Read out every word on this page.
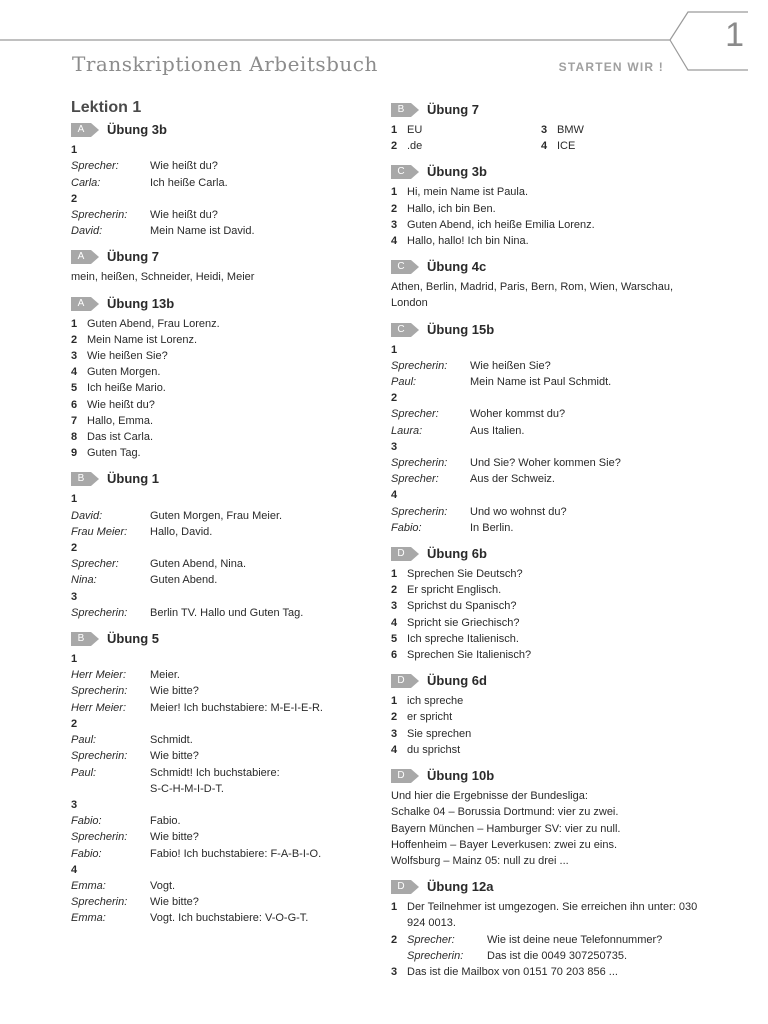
1
Transkriptionen Arbeitsbuch	STARTEN WIR !
Lektion 1
A	Übung 3b
1
Sprecher:	Wie heißt du?
Carla:	Ich heiße Carla.
2
Sprecherin:	Wie heißt du?
David:	Mein Name ist David.
A	Übung 7
mein, heißen, Schneider, Heidi, Meier
A	Übung 13b
1 Guten Abend, Frau Lorenz.
2 Mein Name ist Lorenz.
3 Wie heißen Sie?
4 Guten Morgen.
5 Ich heiße Mario.
6 Wie heißt du?
7 Hallo, Emma.
8 Das ist Carla.
9 Guten Tag.
B	Übung 1
1
David:	Guten Morgen, Frau Meier.
Frau Meier:	Hallo, David.
2
Sprecher:	Guten Abend, Nina.
Nina:	Guten Abend.
3
Sprecherin:	Berlin TV. Hallo und Guten Tag.
B	Übung 5
1
Herr Meier:	Meier.
Sprecherin:	Wie bitte?
Herr Meier:	Meier! Ich buchstabiere: M-E-I-E-R.
2
Paul:	Schmidt.
Sprecherin:	Wie bitte?
Paul:	Schmidt! Ich buchstabiere:
S-C-H-M-I-D-T.
3
Fabio:	Fabio.
Sprecherin:	Wie bitte?
Fabio:	Fabio! Ich buchstabiere: F-A-B-I-O.
4
Emma:	Vogt.
Sprecherin:	Wie bitte?
Emma:	Vogt. Ich buchstabiere: V-O-G-T.
B	Übung 7
1 EU	3 BMW
2 .de	4 ICE
C	Übung 3b
1 Hi, mein Name ist Paula.
2 Hallo, ich bin Ben.
3 Guten Abend, ich heiße Emilia Lorenz.
4 Hallo, hallo! Ich bin Nina.
C	Übung 4c
Athen, Berlin, Madrid, Paris, Bern, Rom, Wien, Warschau, London
C	Übung 15b
1
Sprecherin:	Wie heißen Sie?
Paul:	Mein Name ist Paul Schmidt.
2
Sprecher:	Woher kommst du?
Laura:	Aus Italien.
3
Sprecherin:	Und Sie? Woher kommen Sie?
Sprecher:	Aus der Schweiz.
4
Sprecherin:	Und wo wohnst du?
Fabio:	In Berlin.
D	Übung 6b
1 Sprechen Sie Deutsch?
2 Er spricht Englisch.
3 Sprichst du Spanisch?
4 Spricht sie Griechisch?
5 Ich spreche Italienisch.
6 Sprechen Sie Italienisch?
D	Übung 6d
1 ich spreche
2 er spricht
3 Sie sprechen
4 du sprichst
D	Übung 10b
Und hier die Ergebnisse der Bundesliga:
Schalke 04 – Borussia Dortmund: vier zu zwei.
Bayern München – Hamburger SV: vier zu null.
Hoffenheim – Bayer Leverkusen: zwei zu eins.
Wolfsburg – Mainz 05: null zu drei ...
D	Übung 12a
1 Der Teilnehmer ist umgezogen. Sie erreichen ihn unter: 030 924 0013.
2 Sprecher:	Wie ist deine neue Telefonnummer?
Sprecherin: Das ist die 0049 307250735.
3 Das ist die Mailbox von 0151 70 203 856 ...
